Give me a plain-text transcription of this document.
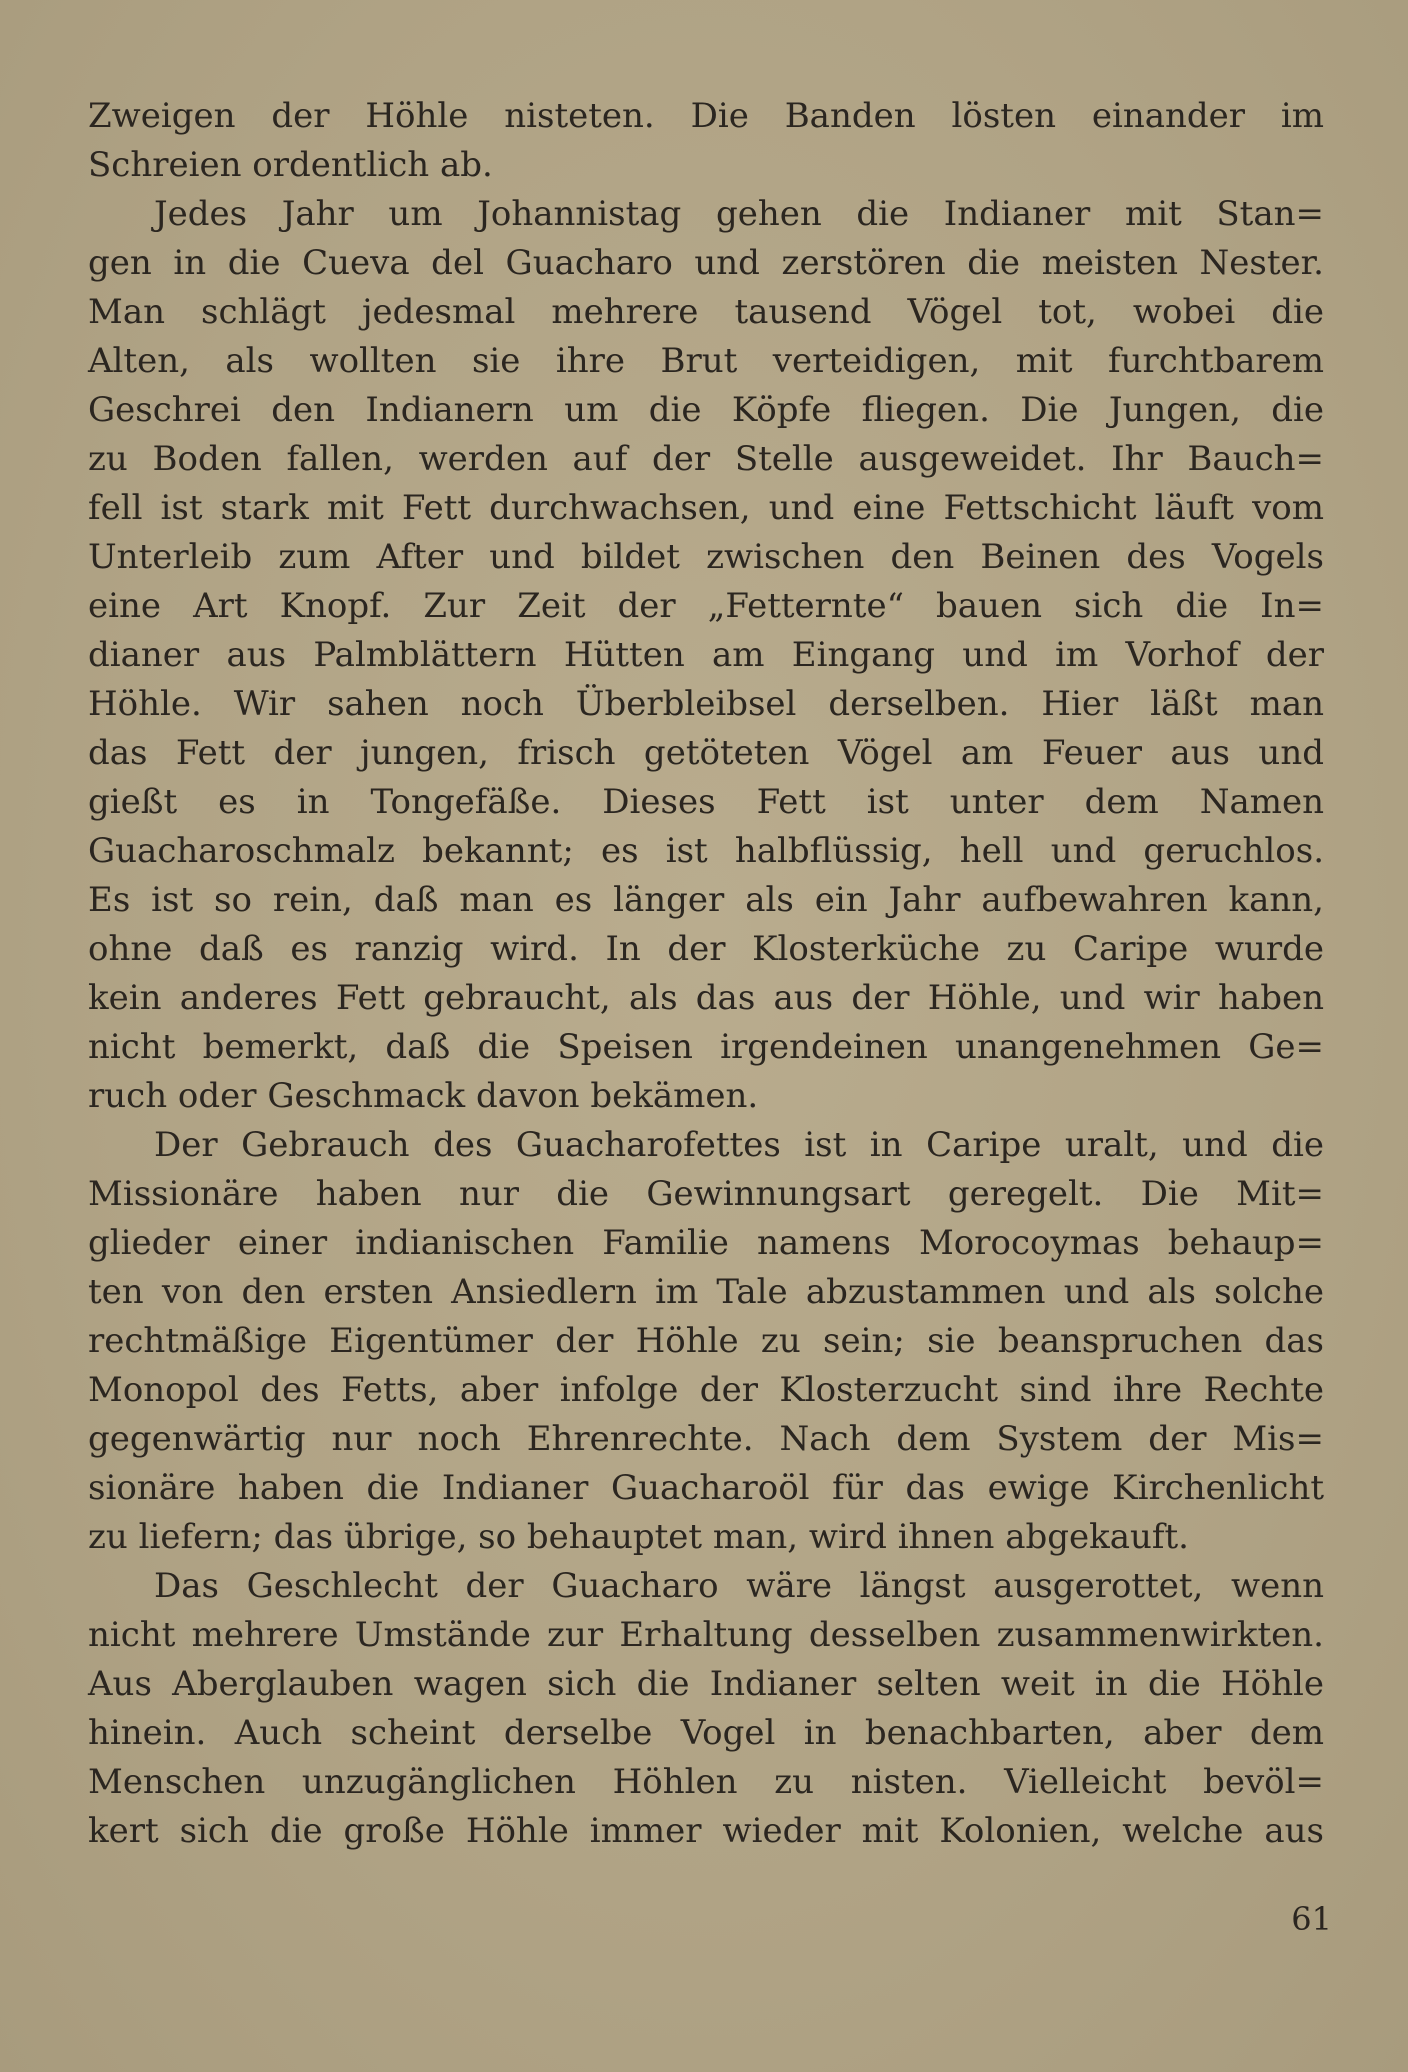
Zweigen der Höhle nisteten. Die Banden lösten einander im
Schreien ordentlich ab.
Jedes Jahr um Johannistag gehen die Indianer mit Stan=
gen in die Cueva del Guacharo und zerstören die meisten Nester.
Man schlägt jedesmal mehrere tausend Vögel tot, wobei die
Alten, als wollten sie ihre Brut verteidigen, mit furchtbarem
Geschrei den Indianern um die Köpfe fliegen. Die Jungen, die
zu Boden fallen, werden auf der Stelle ausgeweidet. Ihr Bauch=
fell ist stark mit Fett durchwachsen, und eine Fettschicht läuft vom
Unterleib zum After und bildet zwischen den Beinen des Vogels
eine Art Knopf. Zur Zeit der „Fetternte“ bauen sich die In=
dianer aus Palmblättern Hütten am Eingang und im Vorhof der
Höhle. Wir sahen noch Überbleibsel derselben. Hier läßt man
das Fett der jungen, frisch getöteten Vögel am Feuer aus und
gießt es in Tongefäße. Dieses Fett ist unter dem Namen
Guacharoschmalz bekannt; es ist halbflüssig, hell und geruchlos.
Es ist so rein, daß man es länger als ein Jahr aufbewahren kann,
ohne daß es ranzig wird. In der Klosterküche zu Caripe wurde
kein anderes Fett gebraucht, als das aus der Höhle, und wir haben
nicht bemerkt, daß die Speisen irgendeinen unangenehmen Ge=
ruch oder Geschmack davon bekämen.
Der Gebrauch des Guacharofettes ist in Caripe uralt, und die
Missionäre haben nur die Gewinnungsart geregelt. Die Mit=
glieder einer indianischen Familie namens Morocoymas behaup=
ten von den ersten Ansiedlern im Tale abzustammen und als solche
rechtmäßige Eigentümer der Höhle zu sein; sie beanspruchen das
Monopol des Fetts, aber infolge der Klosterzucht sind ihre Rechte
gegenwärtig nur noch Ehrenrechte. Nach dem System der Mis=
sionäre haben die Indianer Guacharoöl für das ewige Kirchenlicht
zu liefern; das übrige, so behauptet man, wird ihnen abgekauft.
Das Geschlecht der Guacharo wäre längst ausgerottet, wenn
nicht mehrere Umstände zur Erhaltung desselben zusammenwirkten.
Aus Aberglauben wagen sich die Indianer selten weit in die Höhle
hinein. Auch scheint derselbe Vogel in benachbarten, aber dem
Menschen unzugänglichen Höhlen zu nisten. Vielleicht bevöl=
kert sich die große Höhle immer wieder mit Kolonien, welche aus
61
